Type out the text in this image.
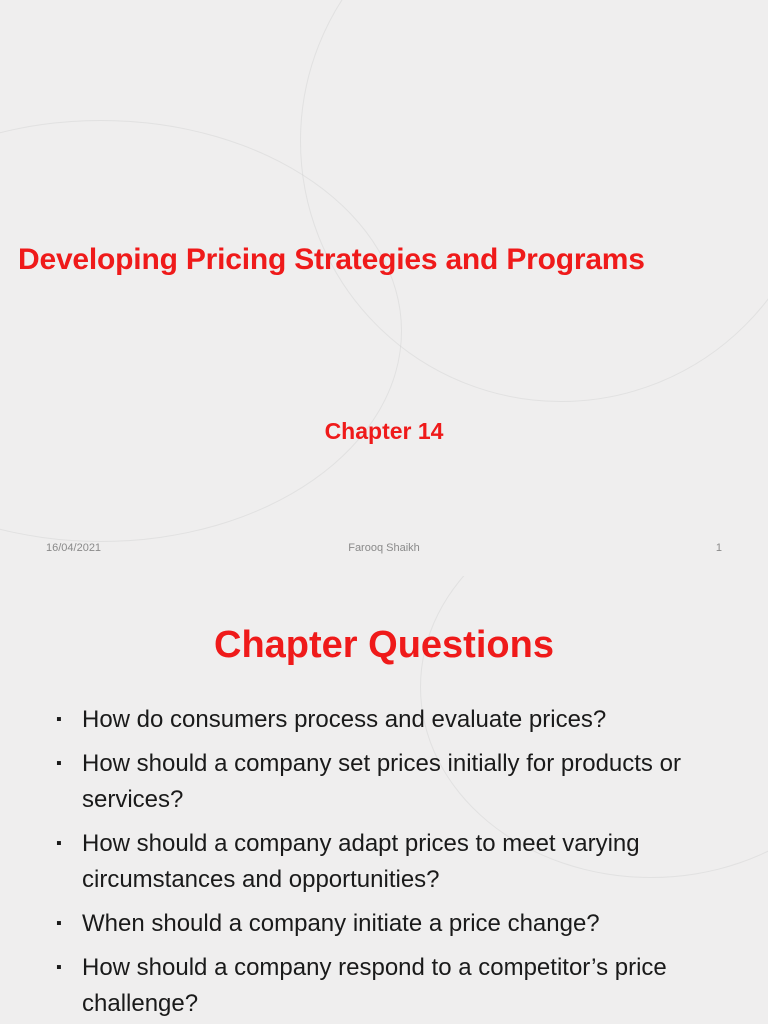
Developing Pricing Strategies and Programs
Chapter 14
16/04/2021	Farooq Shaikh	1
Chapter Questions
▪ How do consumers process and evaluate prices?
▪ How should a company set prices initially for products or services?
▪ How should a company adapt prices to meet varying circumstances and opportunities?
▪ When should a company initiate a price change?
▪ How should a company respond to a competitor’s price challenge?
